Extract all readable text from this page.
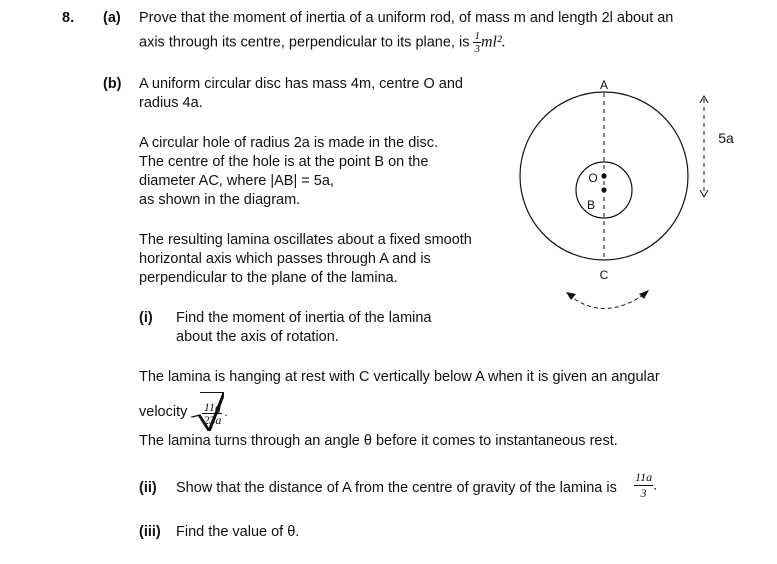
8. (a) Prove that the moment of inertia of a uniform rod, of mass m and length 2l about an
axis through its centre, perpendicular to its plane, is $\frac{1}{3} ml^2$.
(b) A uniform circular disc has mass 4m, centre O and
radius 4a.
A circular hole of radius 2a is made in the disc.
The centre of the hole is at the point B on the
diameter AC, where |AB| = 5a,
as shown in the diagram.
The resulting lamina oscillates about a fixed smooth
horizontal axis which passes through A and is
perpendicular to the plane of the lamina.
(i) Find the moment of inertia of the lamina
about the axis of rotation.
The lamina is hanging at rest with C vertically below A when it is given an angular
velocity $\frac{11g}{23a}$ .
The lamina turns through an angle θ before it comes to instantaneous rest.
(ii) Show that the distance of A from the centre of gravity of the lamina is $\frac{11a}{3}$ .
(iii) Find the value of θ.
A
C
O
B
5a
